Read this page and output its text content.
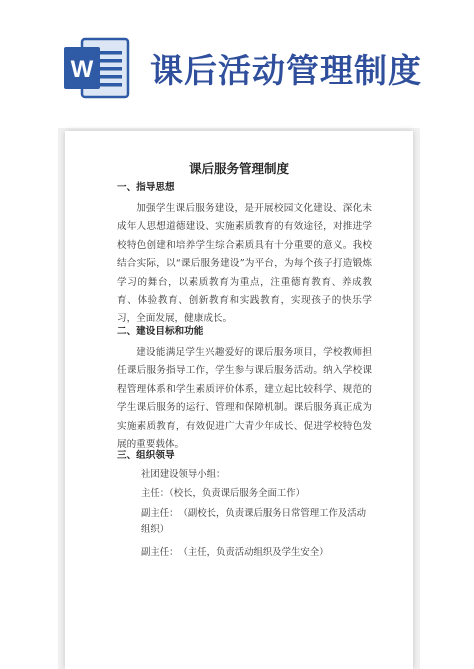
W 课后活动管理制度
课后服务管理制度
一、指导思想
加强学生课后服务建设，是开展校园文化建设、深化未成年人思想道德建设、实施素质教育的有效途径，对推进学校特色创建和培养学生综合素质具有十分重要的意义。我校结合实际，以“课后服务建设”为平台，为每个孩子打造锻炼学习的舞台，以素质教育为重点，注重德育教育、养成教育、体验教育、创新教育和实践教育，实现孩子的快乐学习，全面发展，健康成长。
二、建设目标和功能
建设能满足学生兴趣爱好的课后服务项目，学校教师担任课后服务指导工作，学生参与课后服务活动。纳入学校课程管理体系和学生素质评价体系，建立起比较科学、规范的学生课后服务的运行、管理和保障机制。课后服务真正成为实施素质教育，有效促进广大青少年成长、促进学校特色发展的重要载体。
三、组织领导
社团建设领导小组：
主任：（校长，负责课后服务全面工作）
副主任：　（副校长，负责课后服务日常管理工作及活动组织）
副主任：　（主任，负责活动组织及学生安全）
